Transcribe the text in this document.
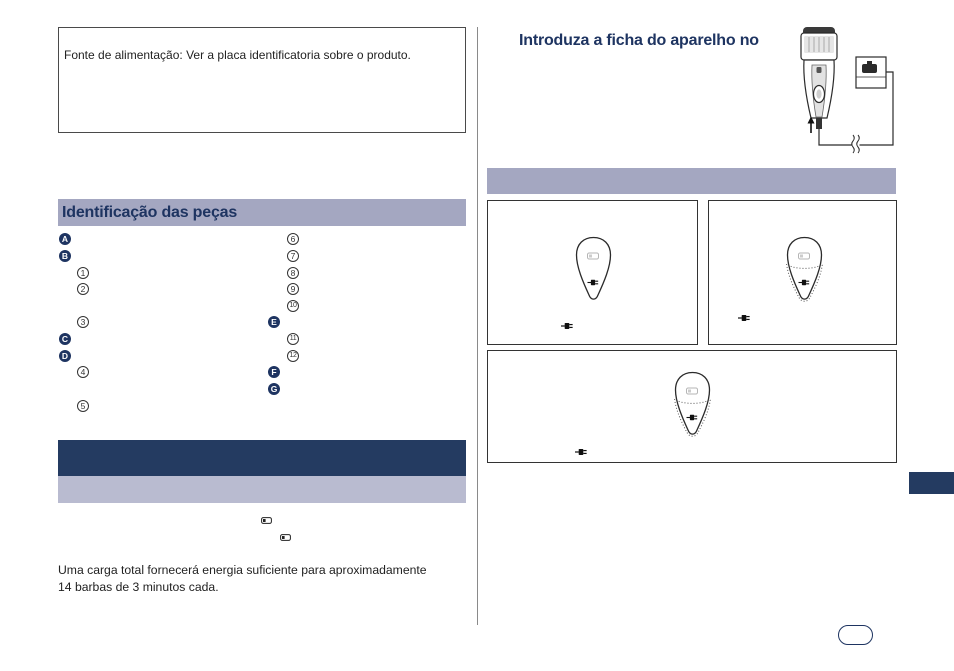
Fonte de alimentação: Ver a placa identificatoria sobre o produto.
Identificação das peças
A
B
1
2
3
C
D
4
5
6
7
8
9
10
E
11
12
F
G
Uma carga total fornecerá energia suficiente para aproximadamente
14 barbas de 3 minutos cada.
Introduza a ficha do aparelho no
